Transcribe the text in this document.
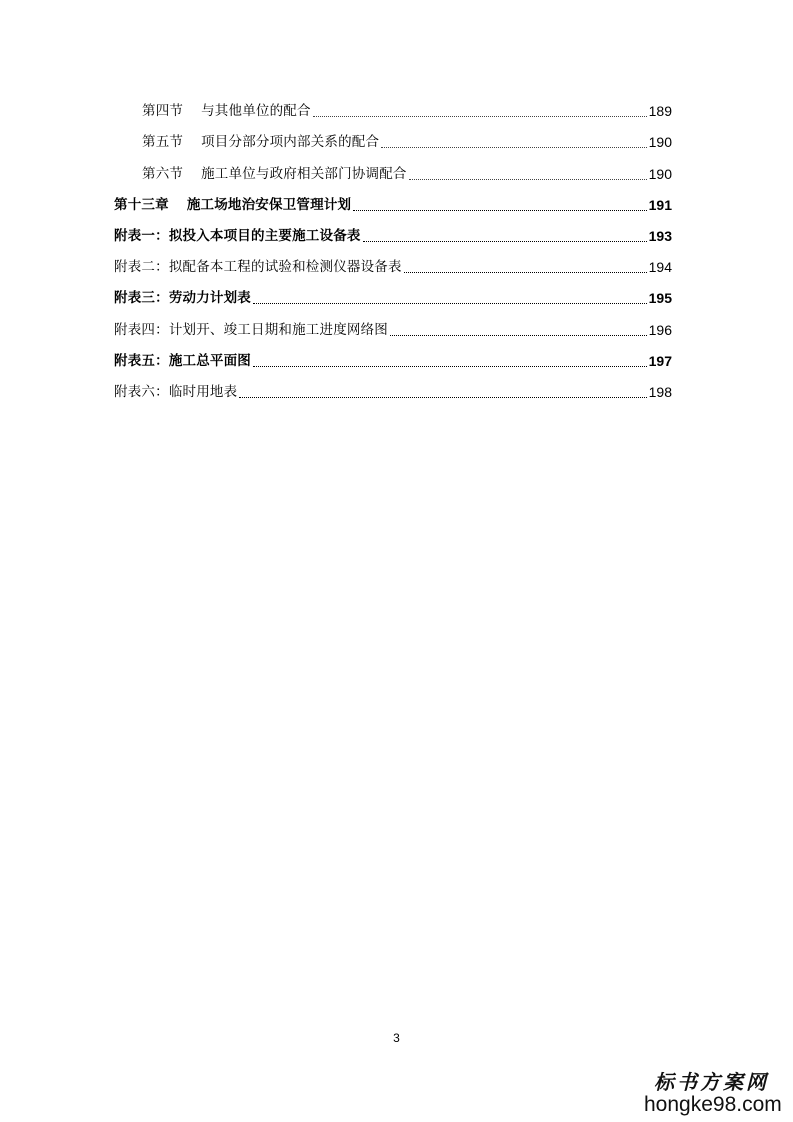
第四节 与其他单位的配合	189
第五节 项目分部分项内部关系的配合	190
第六节 施工单位与政府相关部门协调配合	190
第十三章 施工场地治安保卫管理计划	191
附表一： 拟投入本项目的主要施工设备表	193
附表二： 拟配备本工程的试验和检测仪器设备表	194
附表三： 劳动力计划表	195
附表四： 计划开、竣工日期和施工进度网络图	196
附表五： 施工总平面图	197
附表六： 临时用地表	198
3
标书方案网
hongke98.com
